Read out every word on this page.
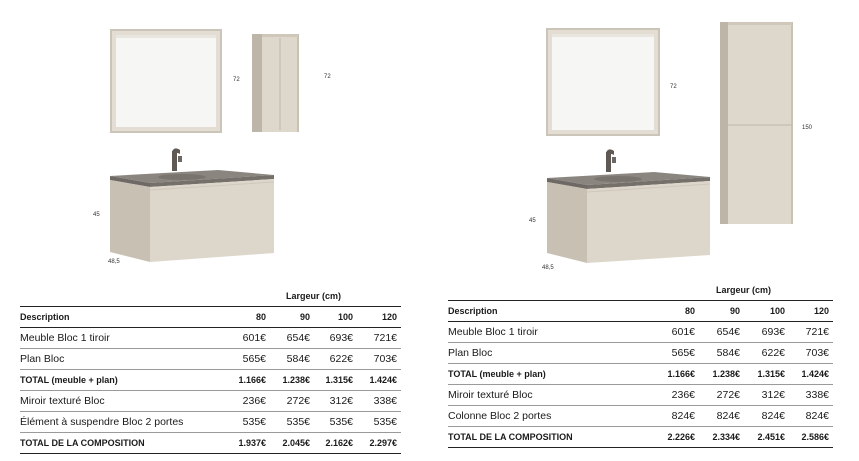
72	72
45
48,5
	Largeur (cm)			
Description	80	90	100	120
Meuble Bloc 1 tiroir	601€	654€	693€	721€
Plan Bloc	565€	584€	622€	703€
TOTAL (meuble + plan)	1.166€	1.238€	1.315€	1.424€
Miroir texturé Bloc	236€	272€	312€	338€
Élément à suspendre Bloc 2 portes	535€	535€	535€	535€
TOTAL DE LA COMPOSITION	1.937€	2.045€	2.162€	2.297€
72
150
45
48,5
	Largeur (cm)			
Description	80	90	100	120
Meuble Bloc 1 tiroir	601€	654€	693€	721€
Plan Bloc	565€	584€	622€	703€
TOTAL (meuble + plan)	1.166€	1.238€	1.315€	1.424€
Miroir texturé Bloc	236€	272€	312€	338€
Colonne Bloc 2 portes	824€	824€	824€	824€
TOTAL DE LA COMPOSITION	2.226€	2.334€	2.451€	2.586€
